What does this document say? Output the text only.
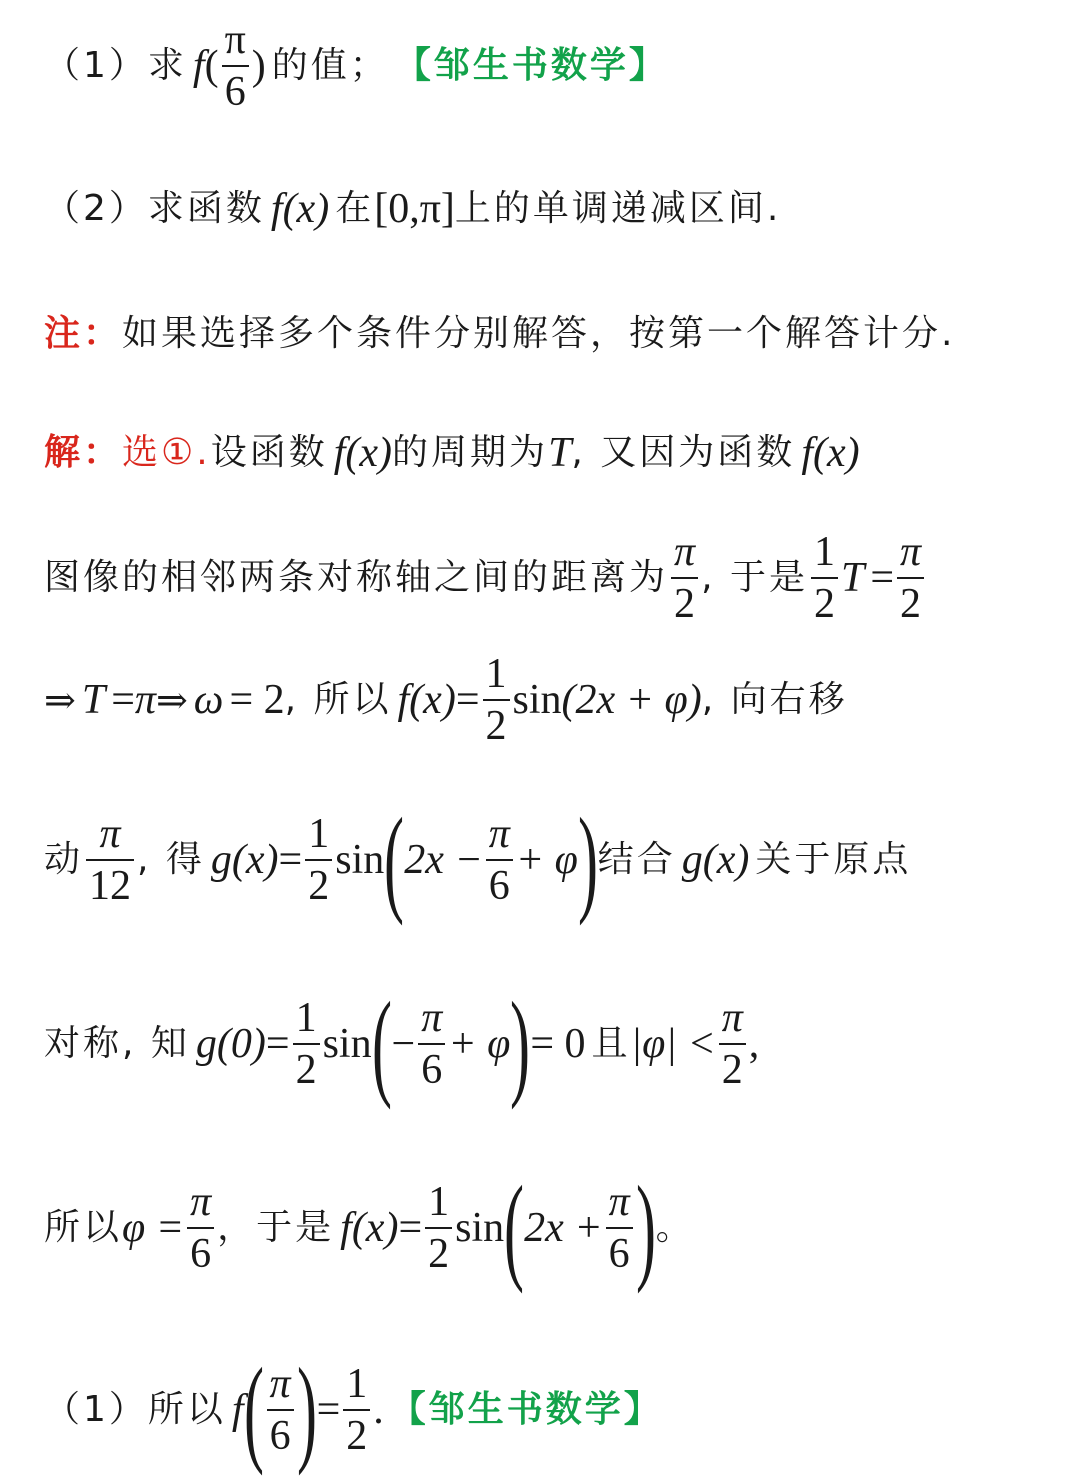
（1）求 f ( $\frac{\pi}{6}$ ) 的值； 【邹生书数学】
（2）求函数 f(x) 在 [0,π] 上的单调递减区间.
注： 如果选择多个条件分别解答，按第一个解答计分.
解： 选①. 设函数 f(x) 的周期为 T , 又因为函数 f(x)
图像的相邻两条对称轴之间的距离为 $\frac{\pi}{2}$ , 于是 $\frac{1}{2}$ $T = \frac{\pi}{2}$
⇒ T = π ⇒ ω = 2 , 所以 $f(x) = \frac{1}{2}$ sin (2x + φ) , 向右移
动 $\frac{\pi}{12}$ , 得 $g(x) = \frac{1}{2}$ sin ( $2x - \frac{\pi}{6} + \varphi$ ) 结合 g(x) 关于原点
对称, 知 $g(0) = \frac{1}{2}$ sin ( − $\frac{\pi}{6} + \varphi$ ) = 0 且 $|\varphi| < \frac{\pi}{2}$ ,
所以 $\varphi = \frac{\pi}{6}$ ，于是 $f(x) = \frac{1}{2}$ sin ( $2x + \frac{\pi}{6}$ ) 。
（1）所以 f ( $\frac{\pi}{6}$ ) = $\frac{1}{2}$ . 【邹生书数学】
